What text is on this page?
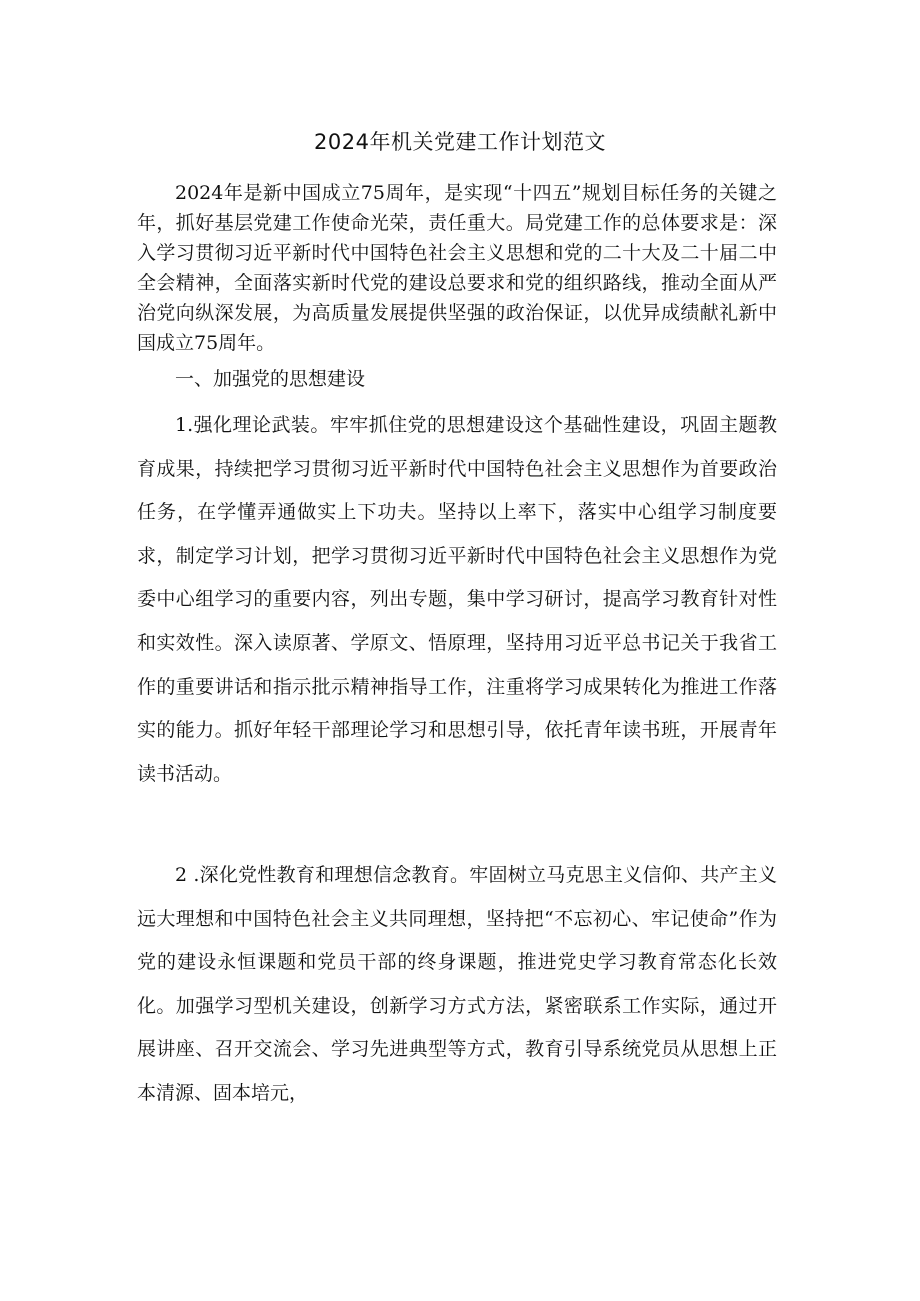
2024年机关党建工作计划范文

2024年是新中国成立75周年，是实现“十四五”规划目标任务的关键之年，抓好基层党建工作使命光荣，责任重大。局党建工作的总体要求是：深入学习贯彻习近平新时代中国特色社会主义思想和党的二十大及二十届二中全会精神，全面落实新时代党的建设总要求和党的组织路线，推动全面从严治党向纵深发展，为高质量发展提供坚强的政治保证，以优异成绩献礼新中国成立75周年。

一、加强党的思想建设

1.强化理论武装。牢牢抓住党的思想建设这个基础性建设，巩固主题教育成果，持续把学习贯彻习近平新时代中国特色社会主义思想作为首要政治任务，在学懂弄通做实上下功夫。坚持以上率下，落实中心组学习制度要求，制定学习计划，把学习贯彻习近平新时代中国特色社会主义思想作为党委中心组学习的重要内容，列出专题，集中学习研讨，提高学习教育针对性和实效性。深入读原著、学原文、悟原理，坚持用习近平总书记关于我省工作的重要讲话和指示批示精神指导工作，注重将学习成果转化为推进工作落实的能力。抓好年轻干部理论学习和思想引导，依托青年读书班，开展青年读书活动。

2 .深化党性教育和理想信念教育。牢固树立马克思主义信仰、共产主义远大理想和中国特色社会主义共同理想，坚持把“不忘初心、牢记使命”作为党的建设永恒课题和党员干部的终身课题，推进党史学习教育常态化长效化。加强学习型机关建设，创新学习方式方法，紧密联系工作实际，通过开展讲座、召开交流会、学习先进典型等方式，教育引导系统党员从思想上正本清源、固本培元，
